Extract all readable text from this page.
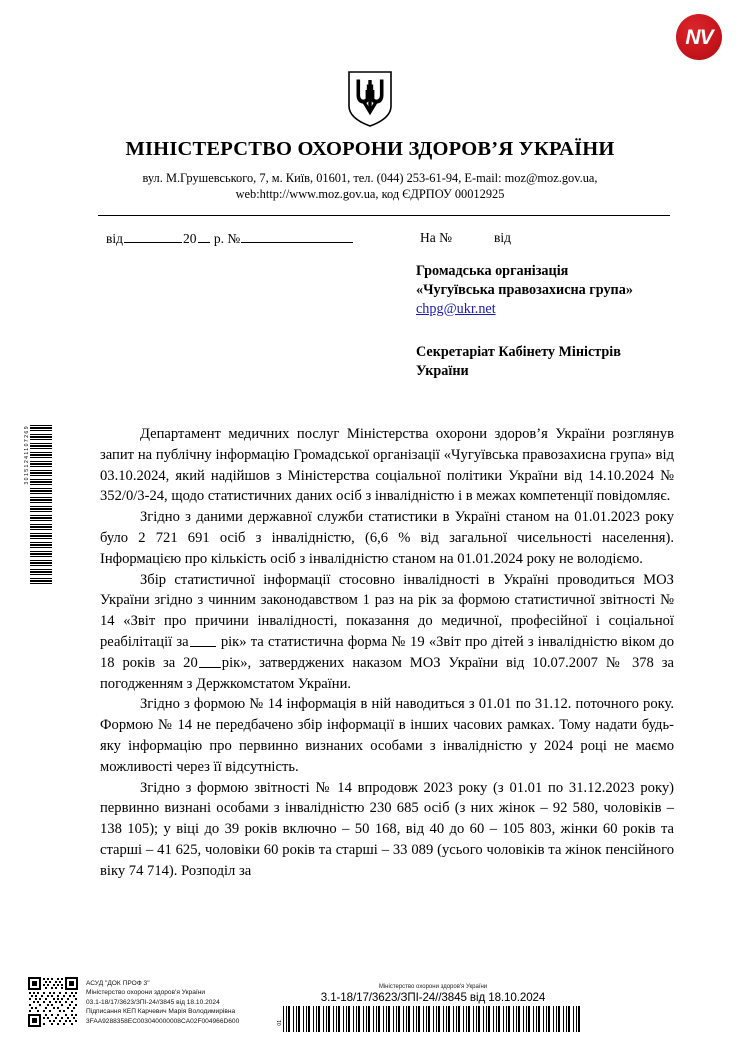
NV
МІНІСТЕРСТВО ОХОРОНИ ЗДОРОВ’Я УКРАЇНИ
вул. М.Грушевського, 7, м. Київ, 01601, тел. (044) 253-61-94, E-mail: moz@moz.gov.ua,
web:http://www.moz.gov.ua, код ЄДРПОУ 00012925
від	20 р. №	На №	від
Громадська організація
«Чугуївська правозахисна група»
chpg@ukr.net
Секретаріат Кабінету Міністрів
України
30151241107269	Департамент медичних послуг Міністерства охорони здоров’я України розглянув запит на публічну інформацію Громадської організації «Чугуївська правозахисна група» від 03.10.2024, який надійшов з Міністерства соціальної політики України від 14.10.2024 № 352/0/3-24, щодо статистичних даних осіб з інвалідністю і в межах компетенції повідомляє.

Згідно з даними державної служби статистики в Україні станом на 01.01.2023 року було 2 721 691 осіб з інвалідністю, (6,6 % від загальної чисельності населення). Інформацією про кількість осіб з інвалідністю станом на 01.01.2024 року не володіємо.

Збір статистичної інформації стосовно інвалідності в Україні проводиться МОЗ України згідно з чинним законодавством 1 раз на рік за формою статистичної звітності № 14 «Звіт про причини інвалідності, показання до медичної, професійної і соціальної реабілітації за рік» та статистична форма № 19 «Звіт про дітей з інвалідністю віком до 18 років за 20 рік», затверджених наказом МОЗ України від 10.07.2007 № 378 за погодженням з Держкомстатом України.

Згідно з формою № 14 інформація в ній наводиться з 01.01 по 31.12. поточного року. Формою № 14 не передбачено збір інформації в інших часових рамках. Тому надати будь-яку інформацію про первинно визнаних особами з інвалідністю у 2024 році не маємо можливості через її відсутність.

Згідно з формою звітності № 14 впродовж 2023 року (з 01.01 по 31.12.2023 року) первинно визнані особами з інвалідністю 230 685 осіб (з них жінок – 92 580, чоловіків – 138 105); у віці до 39 років включно – 50 168, від 40 до 60 – 105 803, жінки 60 років та старші – 41 625, чоловіки 60 років та старші – 33 089 (усього чоловіків та жінок пенсійного віку 74 714). Розподіл за

АСУД "ДОК ПРОФ 3"
Міністерство охорони здоров'я України
03.1-18/17/3623/ЗПІ-24//3845 від 18.10.2024
Підписання КЕП Карчевич Марія Володимирівна
3FAA9288358EC003040000008CA02F004966D600
Міністерство охорони здоров'я України
3.1-18/17/3623/ЗПІ-24//3845 від 18.10.2024
01
